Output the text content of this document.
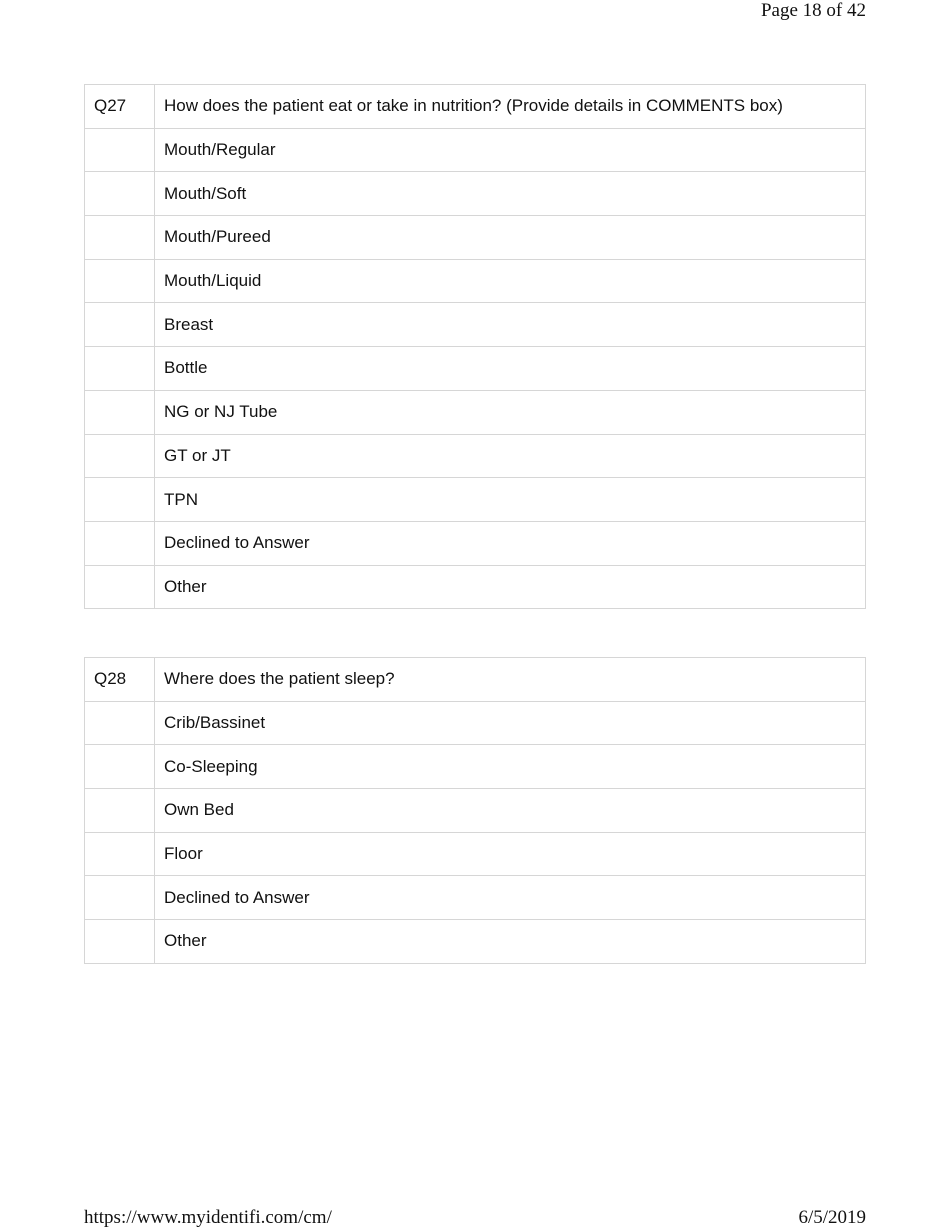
Page 18 of 42
Q27	How does the patient eat or take in nutrition? (Provide details in COMMENTS box)
	Mouth/Regular
	Mouth/Soft
	Mouth/Pureed
	Mouth/Liquid
	Breast
	Bottle
	NG or NJ Tube
	GT or JT
	TPN
	Declined to Answer
	Other
Q28	Where does the patient sleep?
	Crib/Bassinet
	Co-Sleeping
	Own Bed
	Floor
	Declined to Answer
	Other
https://www.myidentifi.com/cm/	6/5/2019
